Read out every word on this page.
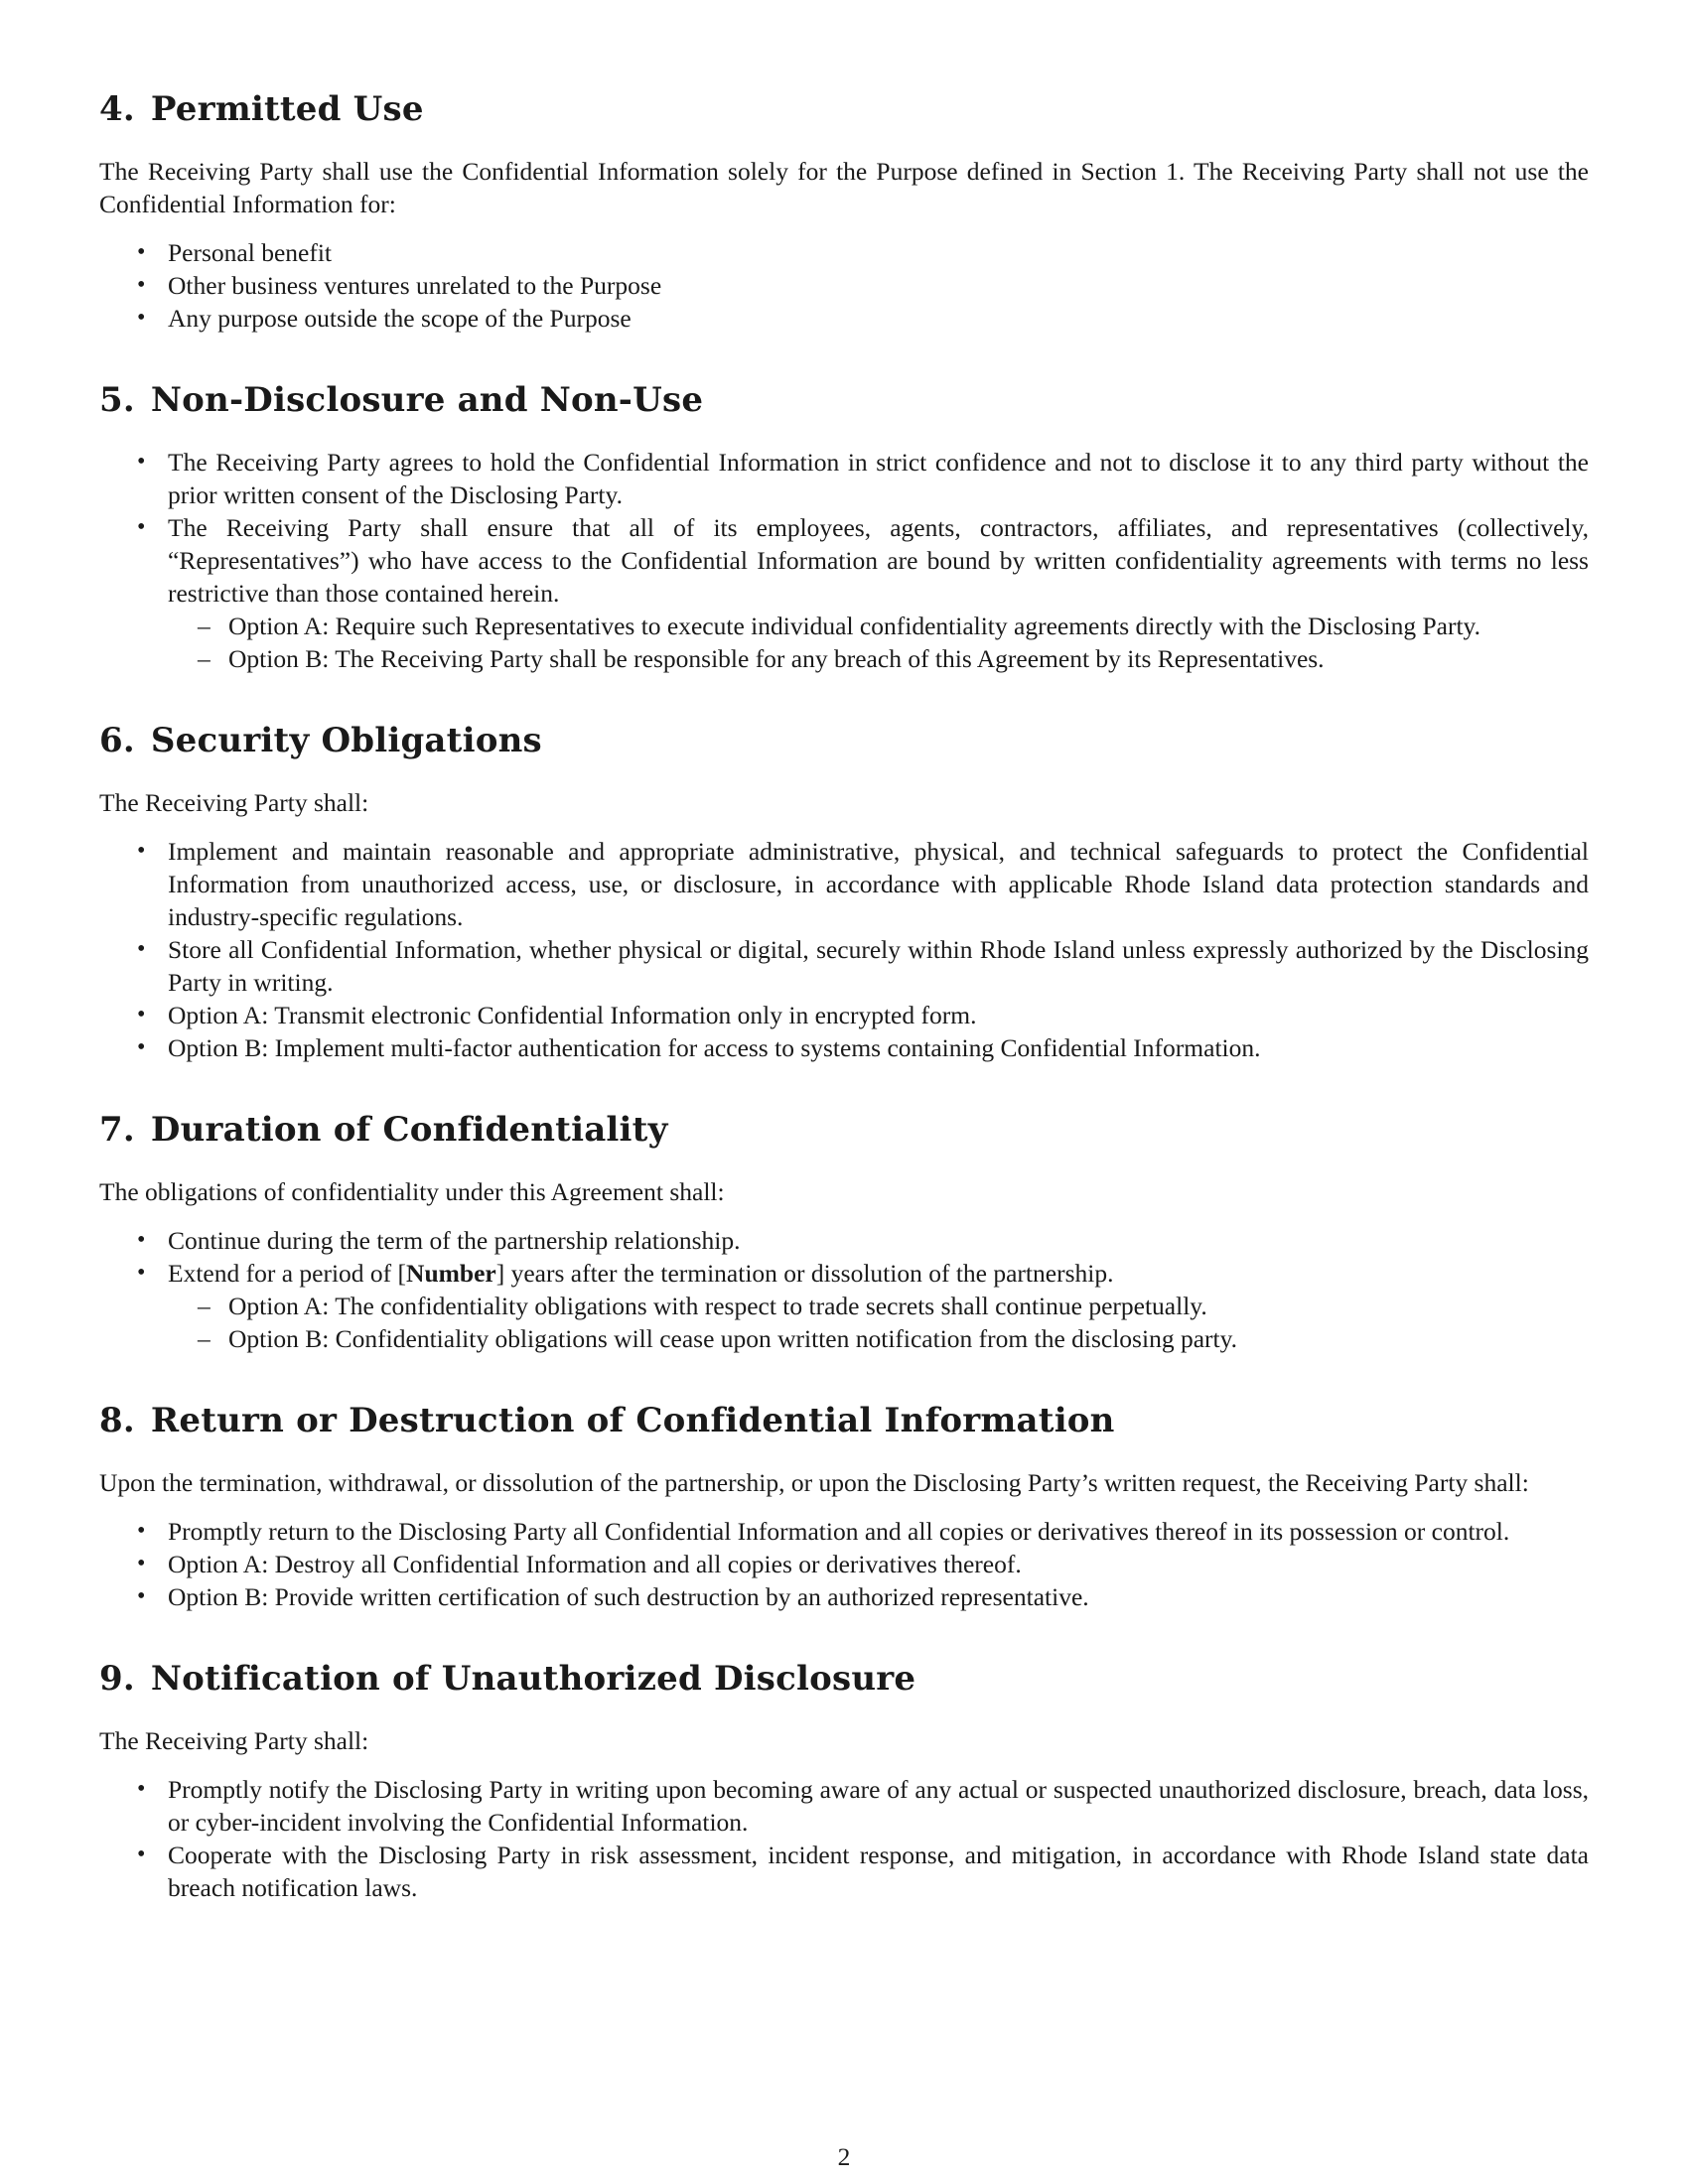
4. Permitted Use

The Receiving Party shall use the Confidential Information solely for the Purpose defined in Section 1. The Receiving Party shall not use the Confidential Information for:

• Personal benefit
• Other business ventures unrelated to the Purpose
• Any purpose outside the scope of the Purpose
5. Non-Disclosure and Non-Use
• The Receiving Party agrees to hold the Confidential Information in strict confidence and not to disclose it to any third party without the prior written consent of the Disclosing Party.
• The Receiving Party shall ensure that all of its employees, agents, contractors, affiliates, and representatives (collectively, “Representatives”) who have access to the Confidential Information are bound by written confidentiality agreements with terms no less restrictive than those contained herein.
– Option A: Require such Representatives to execute individual confidentiality agreements directly with the Disclosing Party.
– Option B: The Receiving Party shall be responsible for any breach of this Agreement by its Representatives.
6. Security Obligations

The Receiving Party shall:

• Implement and maintain reasonable and appropriate administrative, physical, and technical safeguards to protect the Confidential Information from unauthorized access, use, or disclosure, in accordance with applicable Rhode Island data protection standards and industry-specific regulations.
• Store all Confidential Information, whether physical or digital, securely within Rhode Island unless expressly authorized by the Disclosing Party in writing.
• Option A: Transmit electronic Confidential Information only in encrypted form.
• Option B: Implement multi-factor authentication for access to systems containing Confidential Information.
7. Duration of Confidentiality

The obligations of confidentiality under this Agreement shall:

• Continue during the term of the partnership relationship.
• Extend for a period of [Number] years after the termination or dissolution of the partnership.
– Option A: The confidentiality obligations with respect to trade secrets shall continue perpetually.
– Option B: Confidentiality obligations will cease upon written notification from the disclosing party.
8. Return or Destruction of Confidential Information

Upon the termination, withdrawal, or dissolution of the partnership, or upon the Disclosing Party’s written request, the Receiving Party shall:

• Promptly return to the Disclosing Party all Confidential Information and all copies or derivatives thereof in its possession or control.
• Option A: Destroy all Confidential Information and all copies or derivatives thereof.
• Option B: Provide written certification of such destruction by an authorized representative.
9. Notification of Unauthorized Disclosure

The Receiving Party shall:

• Promptly notify the Disclosing Party in writing upon becoming aware of any actual or suspected unauthorized disclosure, breach, data loss, or cyber-incident involving the Confidential Information.
• Cooperate with the Disclosing Party in risk assessment, incident response, and mitigation, in accordance with Rhode Island state data breach notification laws.
2
